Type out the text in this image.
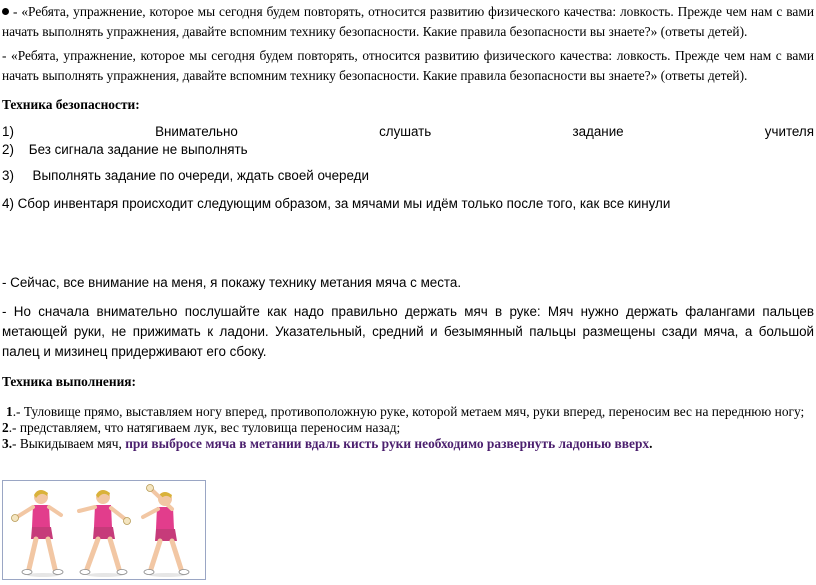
- «Ребята, упражнение, которое мы сегодня будем повторять, относится развитию физического качества: ловкость. Прежде чем нам с вами начать выполнять упражнения, давайте вспомним технику безопасности. Какие правила безопасности вы знаете?» (ответы детей).

- «Ребята, упражнение, которое мы сегодня будем повторять, относится развитию физического качества: ловкость. Прежде чем нам с вами начать выполнять упражнения, давайте вспомним технику безопасности. Какие правила безопасности вы знаете?» (ответы детей).

Техника безопасности:

1)	Внимательно	слушать	задание	учителя

2)    Без сигнала задание не выполнять

3)     Выполнять задание по очереди, ждать своей очереди

4) Сбор инвентаря происходит следующим образом, за мячами мы идём только после того, как все кинули

- Сейчас, все внимание на меня, я покажу технику метания мяча с места.

- Но сначала внимательно послушайте как надо правильно держать мяч в руке: Мяч нужно держать фалангами пальцев метающей руки, не прижимать к ладони. Указательный, средний и безымянный пальцы размещены сзади мяча, а большой палец и мизинец придерживают его сбоку.

Техника выполнения:

1.- Туловище прямо, выставляем ногу вперед, противоположную руке, которой метаем мяч, руки вперед, переносим вес на переднюю ногу;

2.- представляем, что натягиваем лук, вес туловища переносим назад;

3.- Выкидываем мяч, при выбросе мяча в метании вдаль кисть руки необходимо развернуть ладонью вверх.
